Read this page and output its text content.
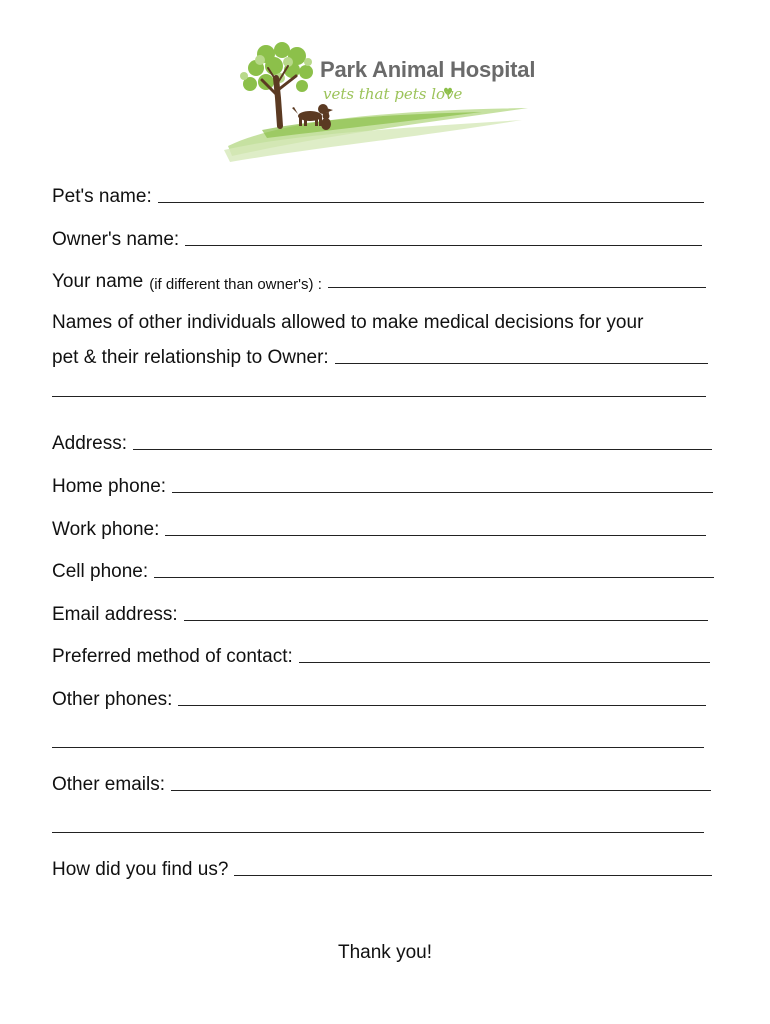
Park Animal Hospital
vets that pets love
Pet's name:
Owner's name:
Your name (if different than owner's) :
Names of other individuals allowed to make medical decisions for your
pet & their relationship to Owner:
Address:
Home phone:
Work phone:
Cell phone:
Email address:
Preferred method of contact:
Other phones:
Other emails:
How did you find us?
Thank you!
